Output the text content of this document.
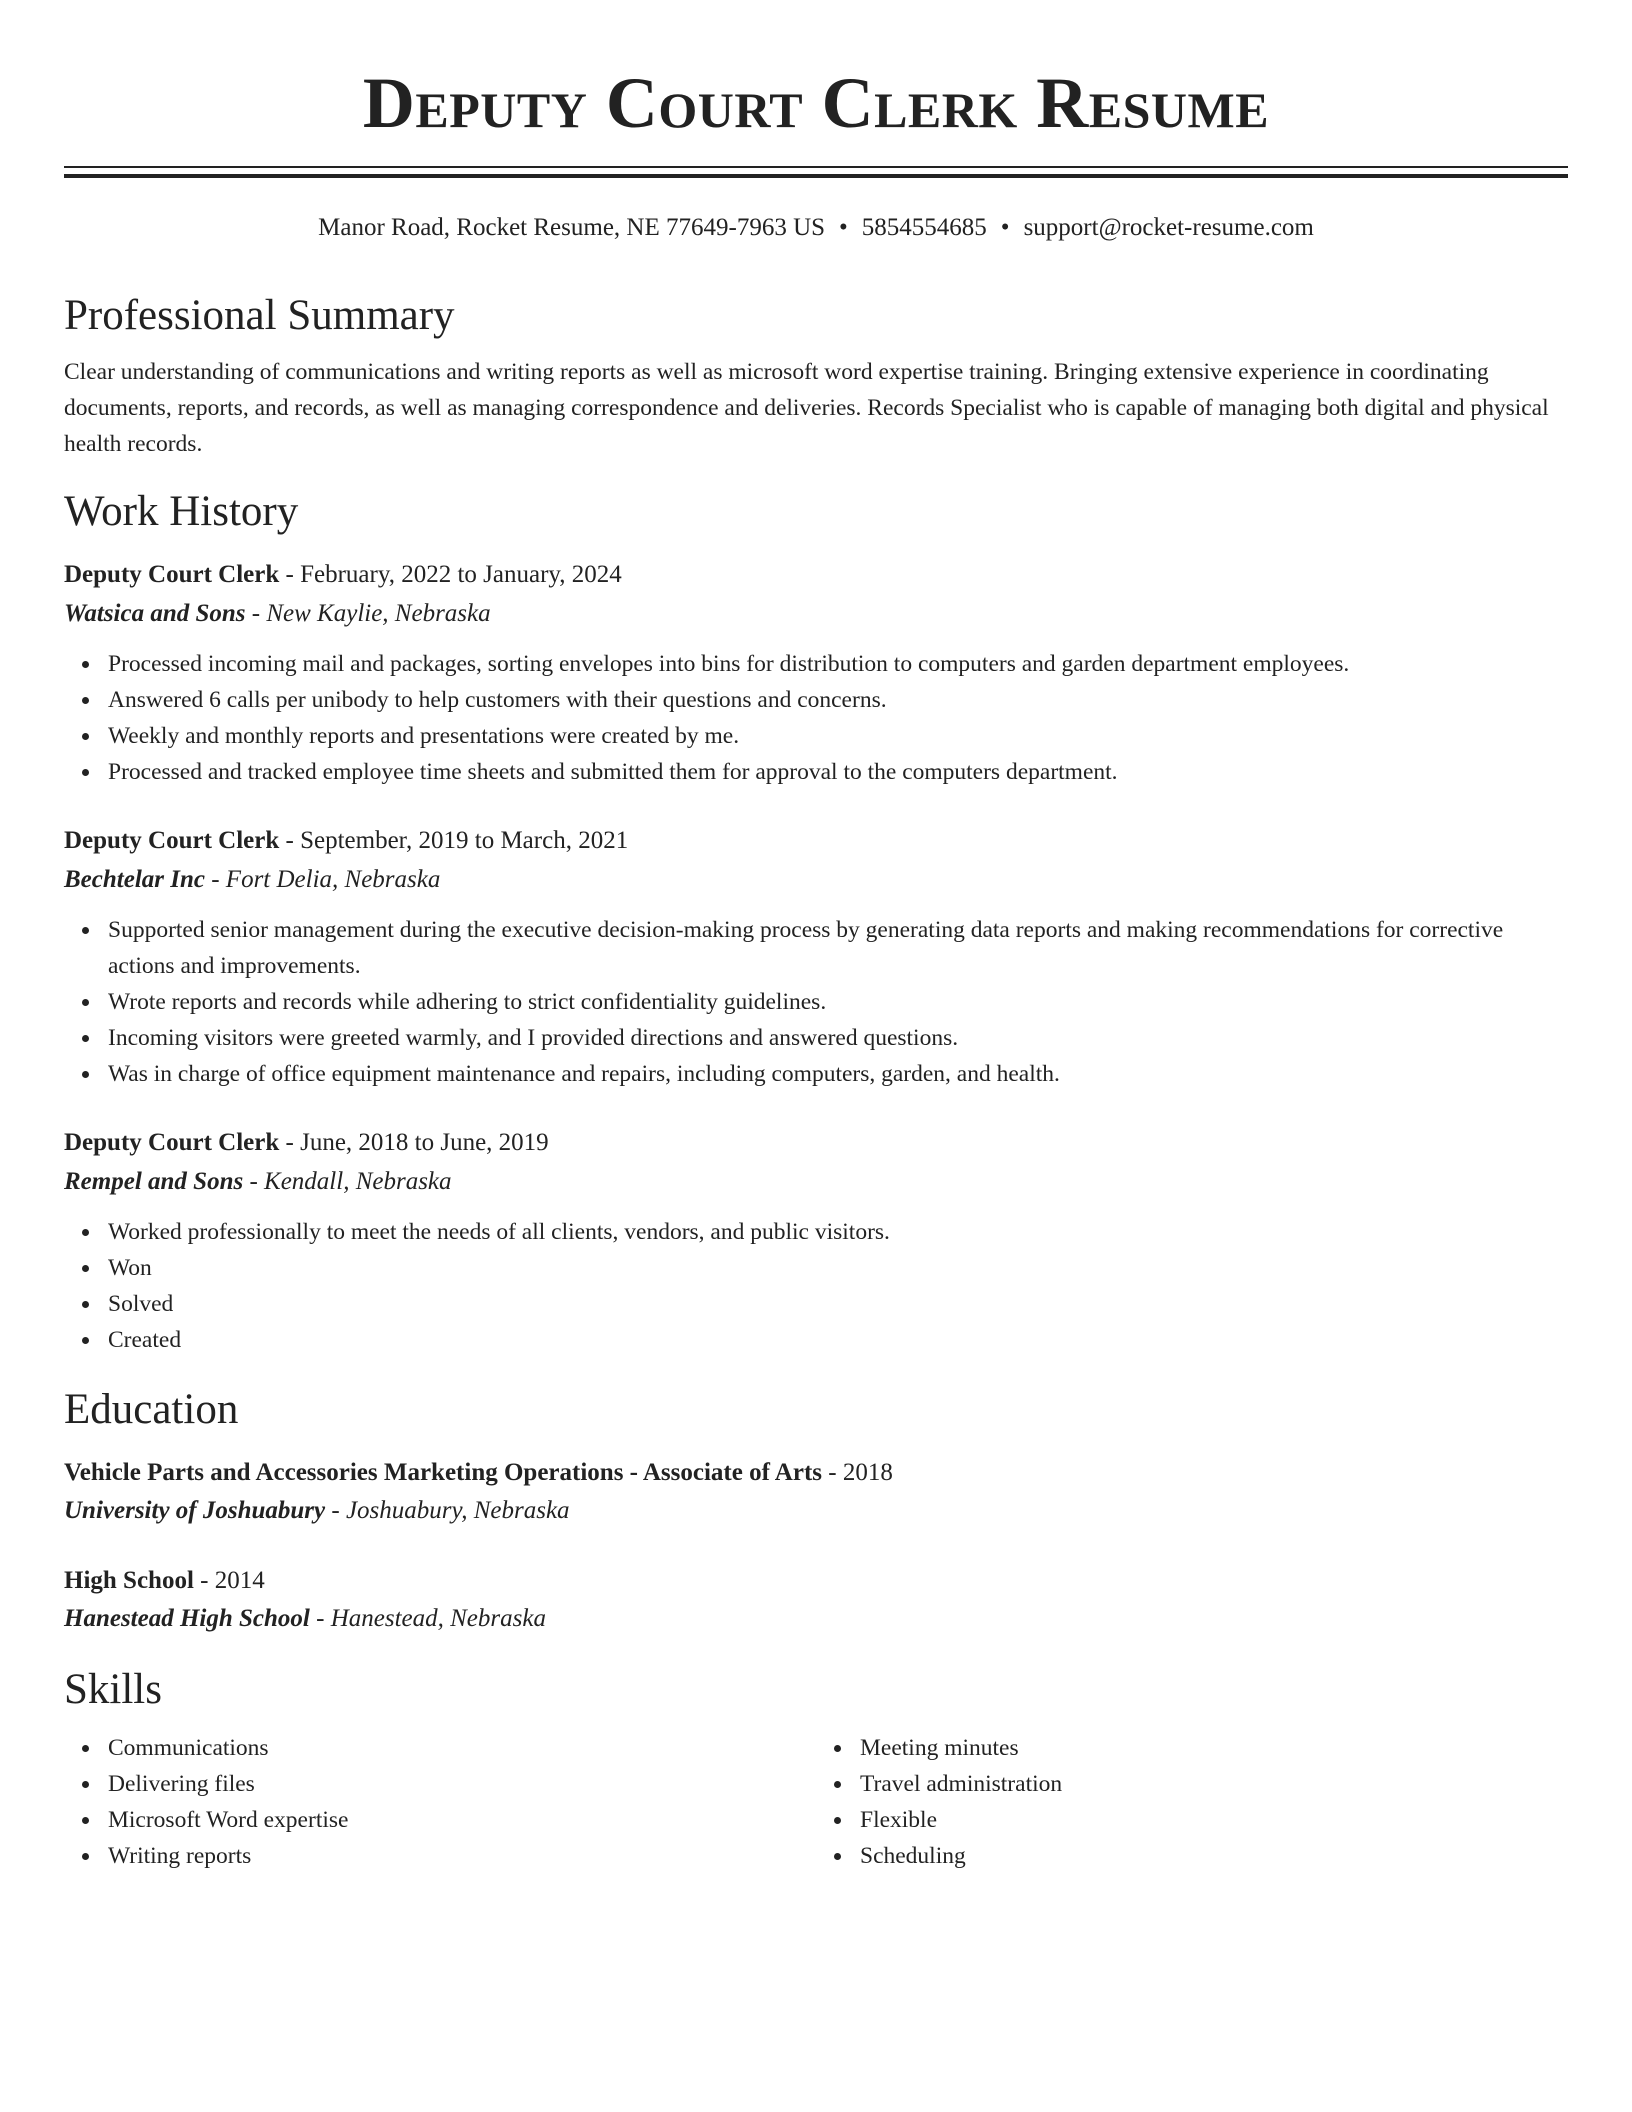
Deputy Court Clerk Resume
Manor Road, Rocket Resume, NE 77649-7963 US • 5854554685 • support@rocket-resume.com
Professional Summary

Clear understanding of communications and writing reports as well as microsoft word expertise training. Bringing extensive experience in coordinating documents, reports, and records, as well as managing correspondence and deliveries. Records Specialist who is capable of managing both digital and physical health records.

Work History
Deputy Court Clerk - February, 2022 to January, 2024
Watsica and Sons - New Kaylie, Nebraska
Processed incoming mail and packages, sorting envelopes into bins for distribution to computers and garden department employees.
Answered 6 calls per unibody to help customers with their questions and concerns.
Weekly and monthly reports and presentations were created by me.
Processed and tracked employee time sheets and submitted them for approval to the computers department.
Deputy Court Clerk - September, 2019 to March, 2021
Bechtelar Inc - Fort Delia, Nebraska
Supported senior management during the executive decision-making process by generating data reports and making recommendations for corrective actions and improvements.
Wrote reports and records while adhering to strict confidentiality guidelines.
Incoming visitors were greeted warmly, and I provided directions and answered questions.
Was in charge of office equipment maintenance and repairs, including computers, garden, and health.
Deputy Court Clerk - June, 2018 to June, 2019
Rempel and Sons - Kendall, Nebraska
Worked professionally to meet the needs of all clients, vendors, and public visitors.
Won
Solved
Created
Education
Vehicle Parts and Accessories Marketing Operations - Associate of Arts - 2018
University of Joshuabury - Joshuabury, Nebraska
High School - 2014
Hanestead High School - Hanestead, Nebraska
Skills
Communications
Delivering files
Microsoft Word expertise
Writing reports
Meeting minutes
Travel administration
Flexible
Scheduling
